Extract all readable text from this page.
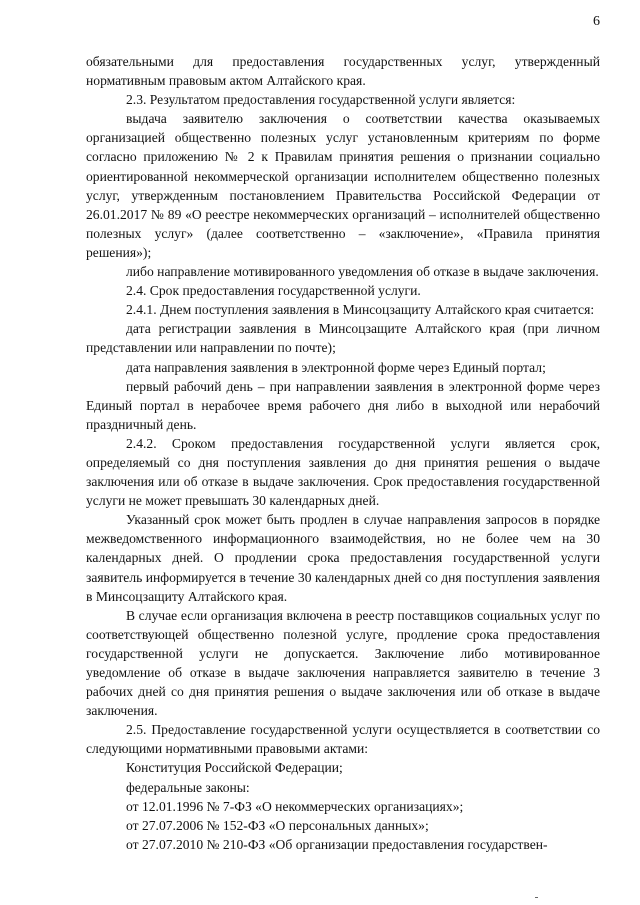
6

обязательными для предоставления государственных услуг, утвержденный нормативным правовым актом Алтайского края.

2.3. Результатом предоставления государственной услуги является:

выдача заявителю заключения о соответствии качества оказываемых организацией общественно полезных услуг установленным критериям по форме согласно приложению № 2 к Правилам принятия решения о признании социально ориентированной некоммерческой организации исполнителем общественно полезных услуг, утвержденным постановлением Правительства Российской Федерации от 26.01.2017 № 89 «О реестре некоммерческих организаций – исполнителей общественно полезных услуг» (далее соответственно – «заключение», «Правила принятия решения»);

либо направление мотивированного уведомления об отказе в выдаче заключения.

2.4. Срок предоставления государственной услуги.

2.4.1. Днем поступления заявления в Минсоцзащиту Алтайского края считается:

дата регистрации заявления в Минсоцзащите Алтайского края (при личном представлении или направлении по почте);

дата направления заявления в электронной форме через Единый портал;

первый рабочий день – при направлении заявления в электронной форме через Единый портал в нерабочее время рабочего дня либо в выходной или нерабочий праздничный день.

2.4.2. Сроком предоставления государственной услуги является срок, определяемый со дня поступления заявления до дня принятия решения о выдаче заключения или об отказе в выдаче заключения. Срок предоставления государственной услуги не может превышать 30 календарных дней.

Указанный срок может быть продлен в случае направления запросов в порядке межведомственного информационного взаимодействия, но не более чем на 30 календарных дней. О продлении срока предоставления государственной услуги заявитель информируется в течение 30 календарных дней со дня поступления заявления в Минсоцзащиту Алтайского края.

В случае если организация включена в реестр поставщиков социальных услуг по соответствующей общественно полезной услуге, продление срока предоставления государственной услуги не допускается. Заключение либо мотивированное уведомление об отказе в выдаче заключения направляется заявителю в течение 3 рабочих дней со дня принятия решения о выдаче заключения или об отказе в выдаче заключения.

2.5. Предоставление государственной услуги осуществляется в соответствии со следующими нормативными правовыми актами:

Конституция Российской Федерации;

федеральные законы:

от 12.01.1996 № 7-ФЗ «О некоммерческих организациях»;

от 27.07.2006 № 152-ФЗ «О персональных данных»;

от 27.07.2010 № 210-ФЗ «Об организации предоставления государствен-
